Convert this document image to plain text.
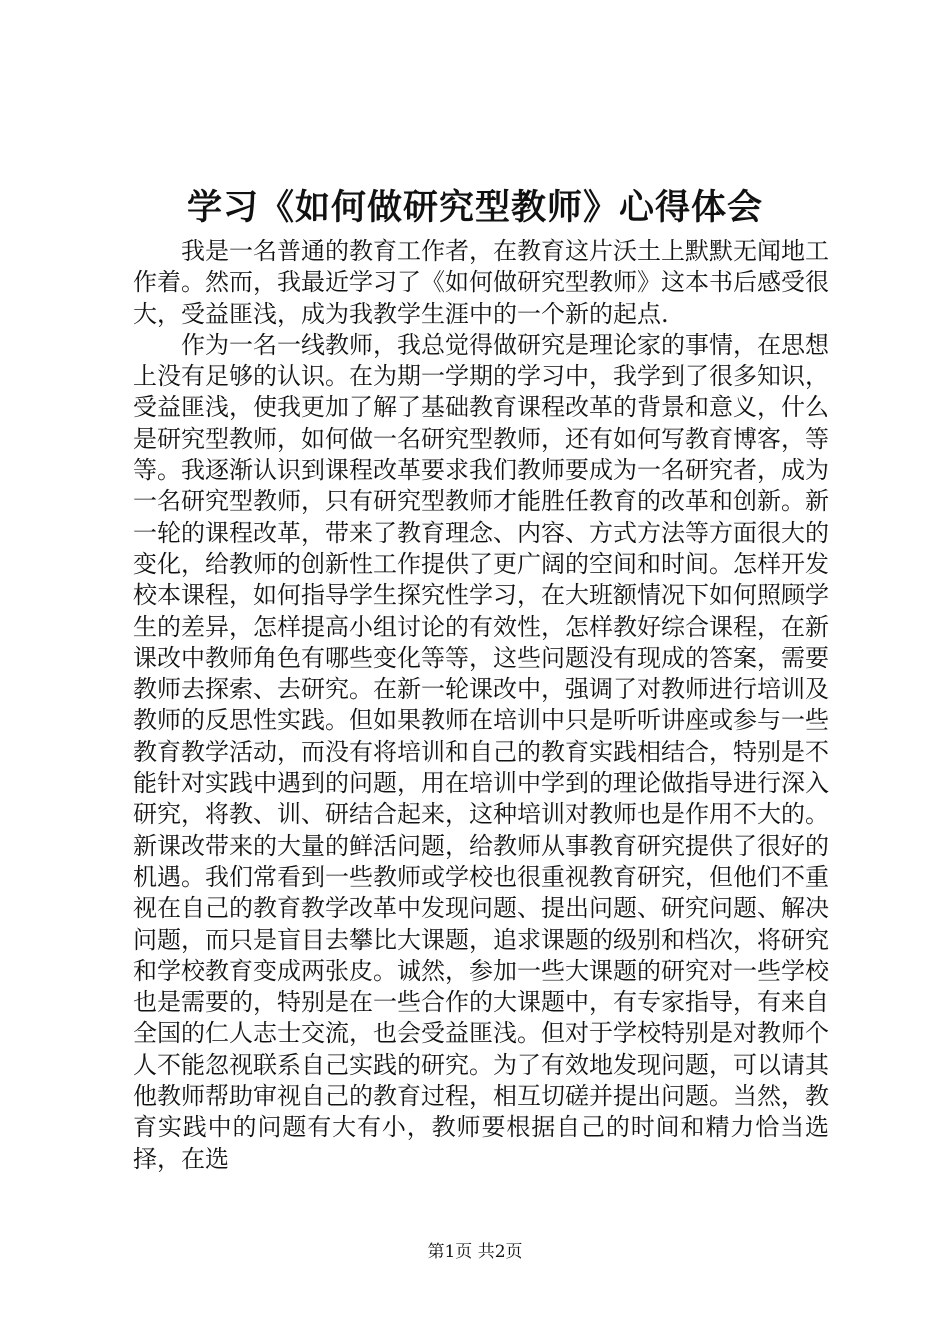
学习《如何做研究型教师》心得体会

我是一名普通的教育工作者，在教育这片沃土上默默无闻地工作着。然而，我最近学习了《如何做研究型教师》这本书后感受很大，受益匪浅，成为我教学生涯中的一个新的起点.

作为一名一线教师，我总觉得做研究是理论家的事情，在思想上没有足够的认识。在为期一学期的学习中，我学到了很多知识，受益匪浅，使我更加了解了基础教育课程改革的背景和意义，什么是研究型教师，如何做一名研究型教师，还有如何写教育博客，等等。我逐渐认识到课程改革要求我们教师要成为一名研究者，成为一名研究型教师，只有研究型教师才能胜任教育的改革和创新。新一轮的课程改革，带来了教育理念、内容、方式方法等方面很大的变化，给教师的创新性工作提供了更广阔的空间和时间。怎样开发校本课程，如何指导学生探究性学习，在大班额情况下如何照顾学生的差异，怎样提高小组讨论的有效性，怎样教好综合课程，在新课改中教师角色有哪些变化等等，这些问题没有现成的答案，需要教师去探索、去研究。在新一轮课改中，强调了对教师进行培训及教师的反思性实践。但如果教师在培训中只是听听讲座或参与一些教育教学活动，而没有将培训和自己的教育实践相结合，特别是不能针对实践中遇到的问题，用在培训中学到的理论做指导进行深入研究，将教、训、研结合起来，这种培训对教师也是作用不大的。新课改带来的大量的鲜活问题，给教师从事教育研究提供了很好的机遇。我们常看到一些教师或学校也很重视教育研究，但他们不重视在自己的教育教学改革中发现问题、提出问题、研究问题、解决问题，而只是盲目去攀比大课题，追求课题的级别和档次，将研究和学校教育变成两张皮。诚然，参加一些大课题的研究对一些学校也是需要的，特别是在一些合作的大课题中，有专家指导，有来自全国的仁人志士交流，也会受益匪浅。但对于学校特别是对教师个人不能忽视联系自己实践的研究。为了有效地发现问题，可以请其他教师帮助审视自己的教育过程，相互切磋并提出问题。当然，教育实践中的问题有大有小，教师要根据自己的时间和精力恰当选择，在选

第1页 共2页
